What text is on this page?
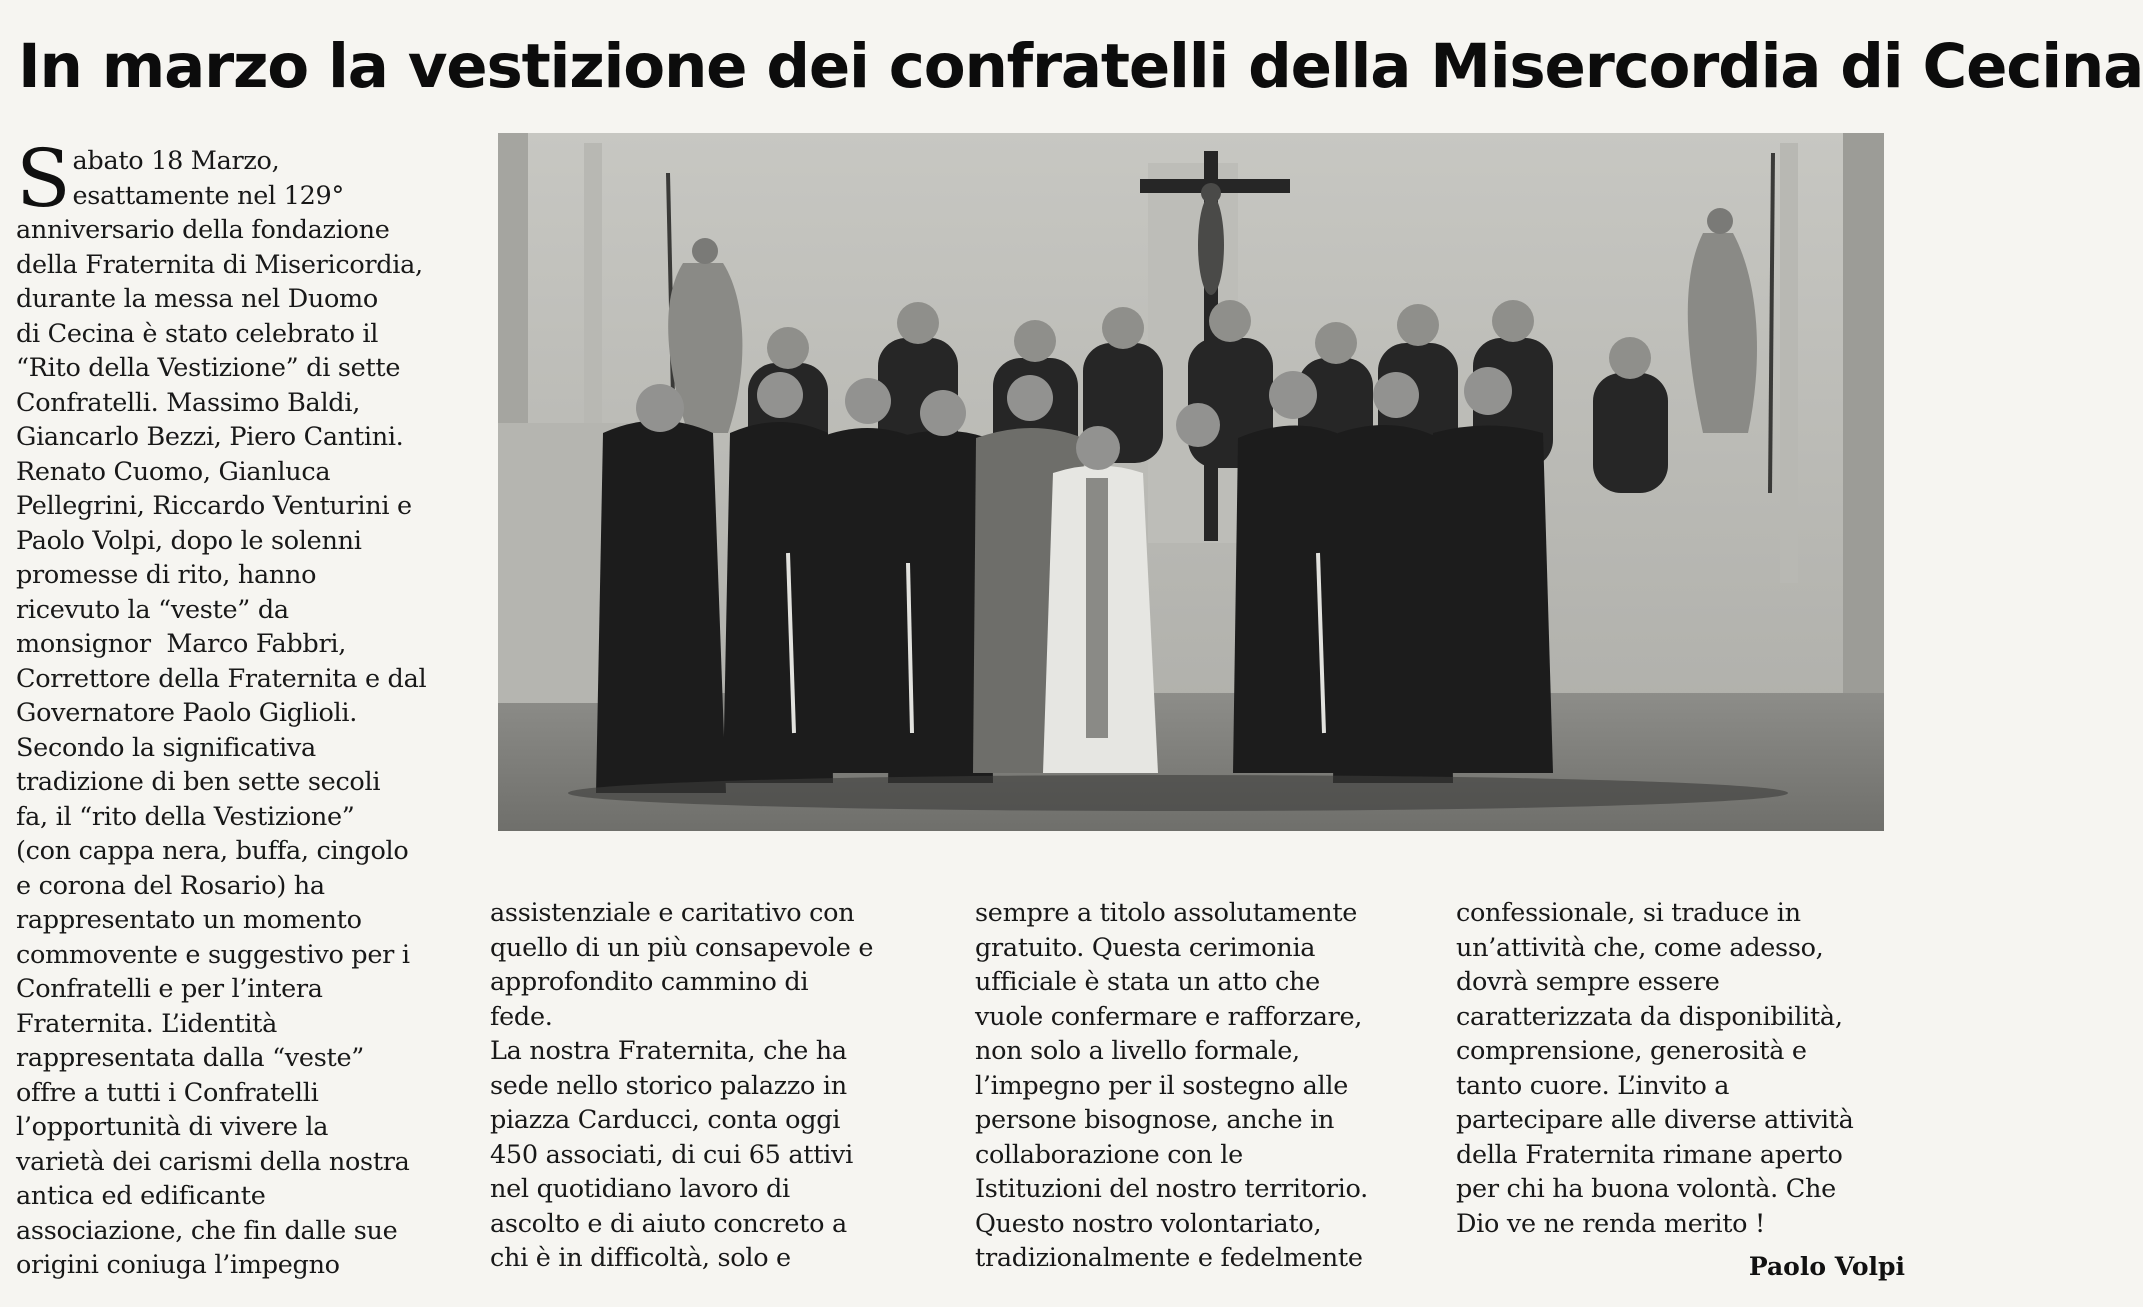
In marzo la vestizione dei confratelli della Misercordia di Cecina

Sabato 18 Marzo,
esattamente nel 129°
anniversario della fondazione
della Fraternita di Misericordia,
durante la messa nel Duomo
di Cecina è stato celebrato il
“Rito della Vestizione” di sette
Confratelli. Massimo Baldi,
Giancarlo Bezzi, Piero Cantini.
Renato Cuomo, Gianluca
Pellegrini, Riccardo Venturini e
Paolo Volpi, dopo le solenni
promesse di rito, hanno
ricevuto la “veste” da
monsignor  Marco Fabbri,
Correttore della Fraternita e dal
Governatore Paolo Giglioli.
Secondo la significativa
tradizione di ben sette secoli
fa, il “rito della Vestizione”
(con cappa nera, buffa, cingolo
e corona del Rosario) ha
rappresentato un momento
commovente e suggestivo per i
Confratelli e per l’intera
Fraternita. L’identità
rappresentata dalla “veste”
offre a tutti i Confratelli
l’opportunità di vivere la
varietà dei carismi della nostra
antica ed edificante
associazione, che fin dalle sue
origini coniuga l’impegno

assistenziale e caritativo con
quello di un più consapevole e
approfondito cammino di
fede.
La nostra Fraternita, che ha
sede nello storico palazzo in
piazza Carducci, conta oggi
450 associati, di cui 65 attivi
nel quotidiano lavoro di
ascolto e di aiuto concreto a
chi è in difficoltà, solo e

sempre a titolo assolutamente
gratuito. Questa cerimonia
ufficiale è stata un atto che
vuole confermare e rafforzare,
non solo a livello formale,
l’impegno per il sostegno alle
persone bisognose, anche in
collaborazione con le
Istituzioni del nostro territorio.
Questo nostro volontariato,
tradizionalmente e fedelmente

confessionale, si traduce in
un’attività che, come adesso,
dovrà sempre essere
caratterizzata da disponibilità,
comprensione, generosità e
tanto cuore. L’invito a
partecipare alle diverse attività
della Fraternita rimane aperto
per chi ha buona volontà. Che
Dio ve ne renda merito !

Paolo Volpi
